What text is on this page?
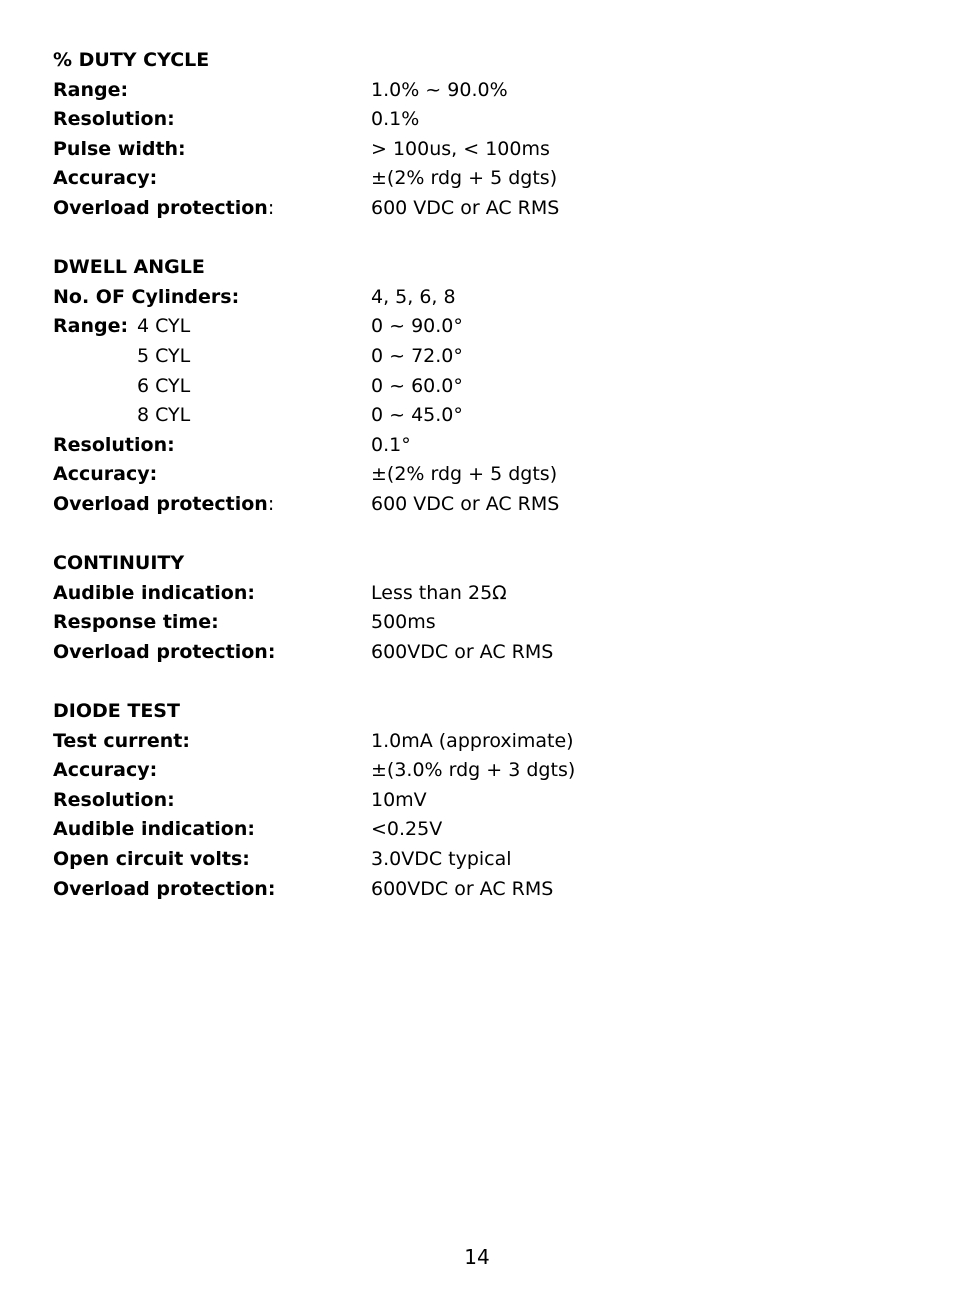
% DUTY CYCLE
Range:	1.0% ~ 90.0%
Resolution:	0.1%
Pulse width:	> 100us, < 100ms
Accuracy:	±(2% rdg + 5 dgts)
Overload protection:	600 VDC or AC RMS
DWELL ANGLE
No. OF Cylinders:	4, 5, 6, 8
Range: 4 CYL	0 ~ 90.0°
5 CYL	0 ~ 72.0°
6 CYL	0 ~ 60.0°
8 CYL	0 ~ 45.0°
Resolution:	0.1°
Accuracy:	±(2% rdg + 5 dgts)
Overload protection:	600 VDC or AC RMS
CONTINUITY
Audible indication:	Less than 25Ω
Response time:	500ms
Overload protection:	600VDC or AC RMS
DIODE TEST
Test current:	1.0mA (approximate)
Accuracy:	±(3.0% rdg + 3 dgts)
Resolution:	10mV
Audible indication:	<0.25V
Open circuit volts:	3.0VDC typical
Overload protection:	600VDC or AC RMS
14
